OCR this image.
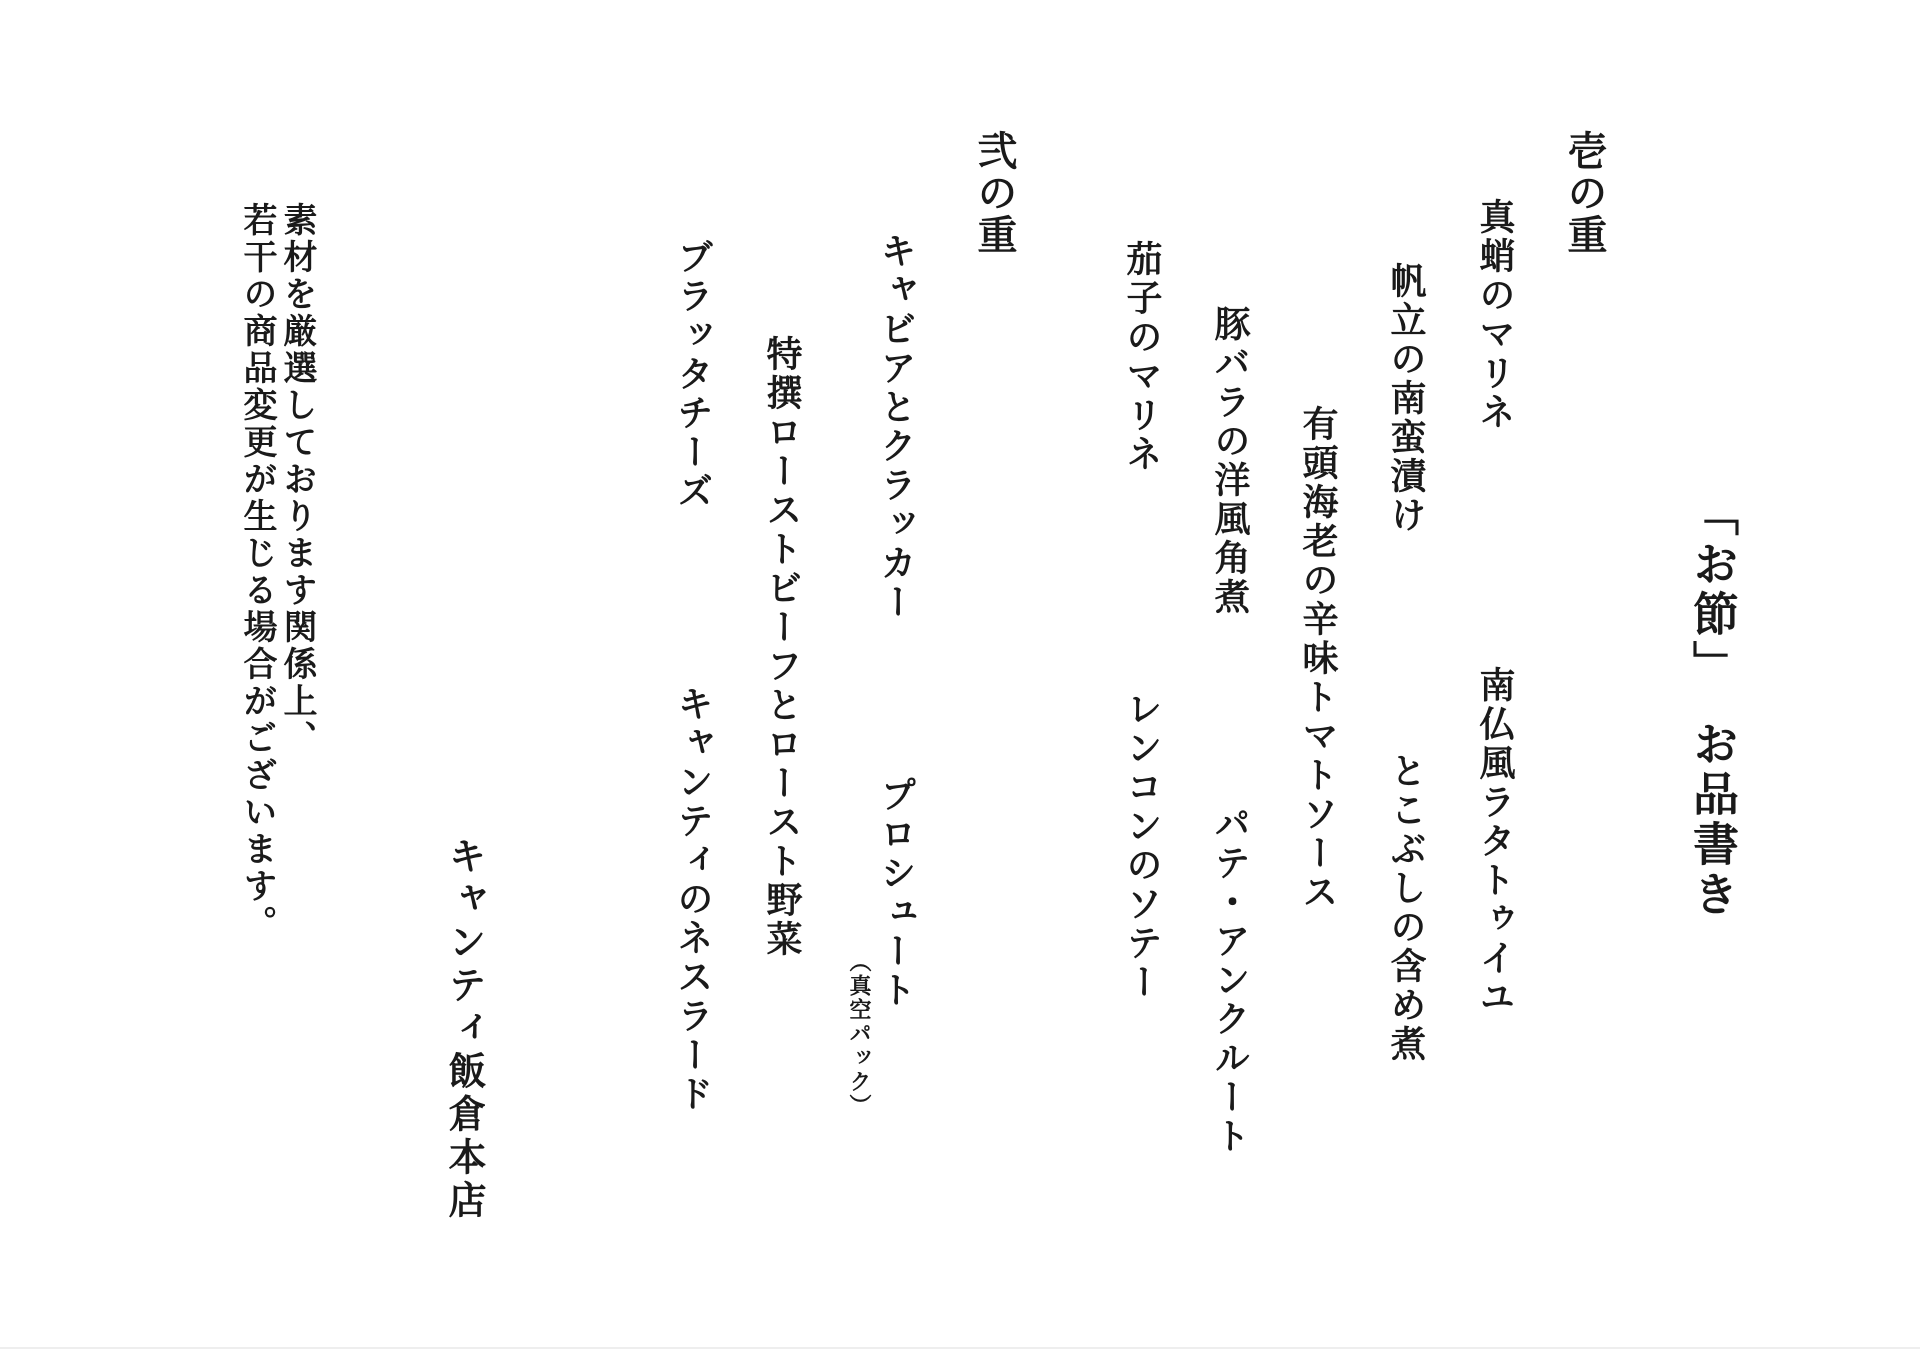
「お節」
お品書き
壱の重
真蛸のマリネ
南仏風ラタトゥイユ
帆立の南蛮漬け
とこぶしの含め煮
有頭海老の辛味トマトソース
豚バラの洋風角煮
パテ・アンクルート
茄子のマリネ
レンコンのソテー
弐の重
キャビアとクラッカー
プロシュート
（真空パック）
特撰ローストビーフとロースト野菜
ブラッタチーズ
キャンティのネスラード
キャンティ飯倉本店
素材を厳選しております関係上、
若干の商品変更が生じる場合がございます。
